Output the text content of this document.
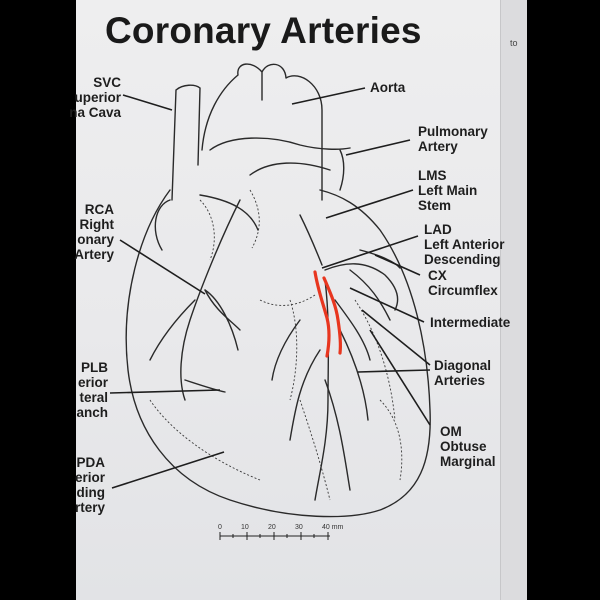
to
Coronary Arteries
0	10	20	30	40 mm
SVC
uperior
na Cava
RCA
Right
onary
Artery
PLB
erior
teral
anch
PDA
erior
ding
rtery
Aorta
Pulmonary
Artery
LMS
Left Main
Stem
LAD
Left Anterior
Descending
CX
Circumflex
Intermediate
Diagonal
Arteries
OM
Obtuse
Marginal
